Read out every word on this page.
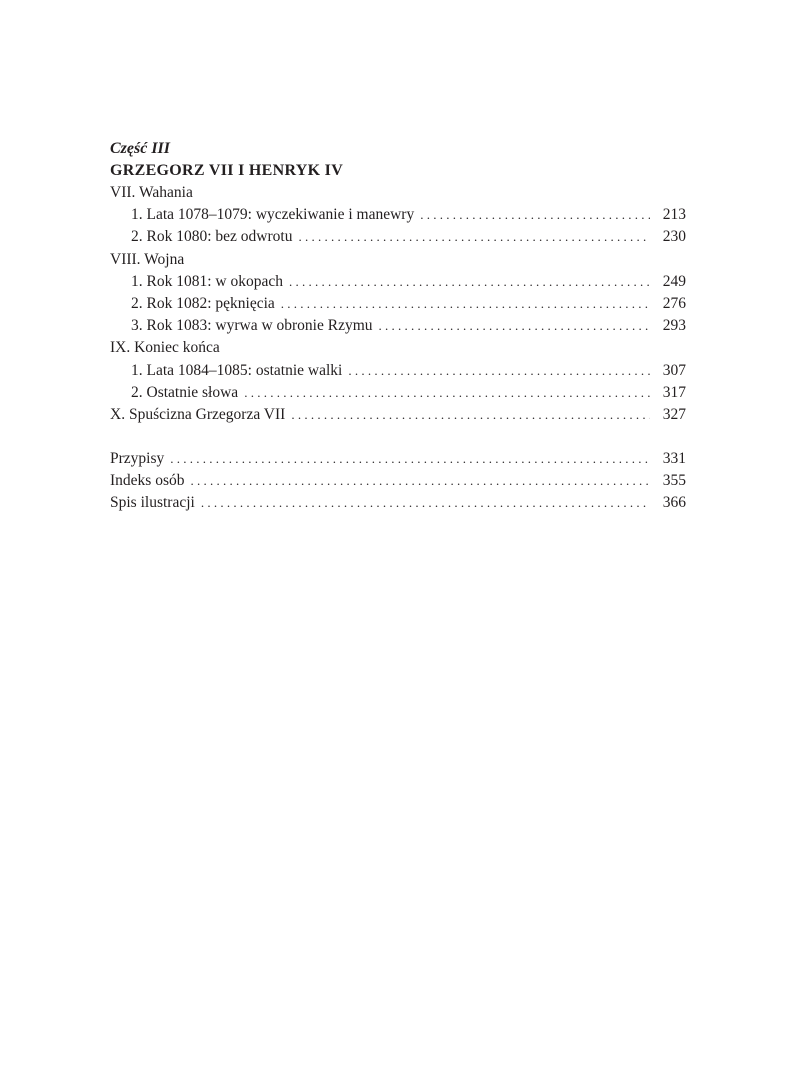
Część III
GRZEGORZ VII I HENRYK IV
VII. Wahania
1. Lata 1078–1079: wyczekiwanie i manewry . . .	213
2. Rok 1080: bez odwrotu . . .	230
VIII. Wojna
1. Rok 1081: w okopach . . .	249
2. Rok 1082: pęknięcia . . .	276
3. Rok 1083: wyrwa w obronie Rzymu . . .	293
IX. Koniec końca
1. Lata 1084–1085: ostatnie walki . . .	307
2. Ostatnie słowa . . .	317
X. Spuścizna Grzegorza VII . . .	327
Przypisy . . .	331
Indeks osób . . .	355
Spis ilustracji . . .	366
